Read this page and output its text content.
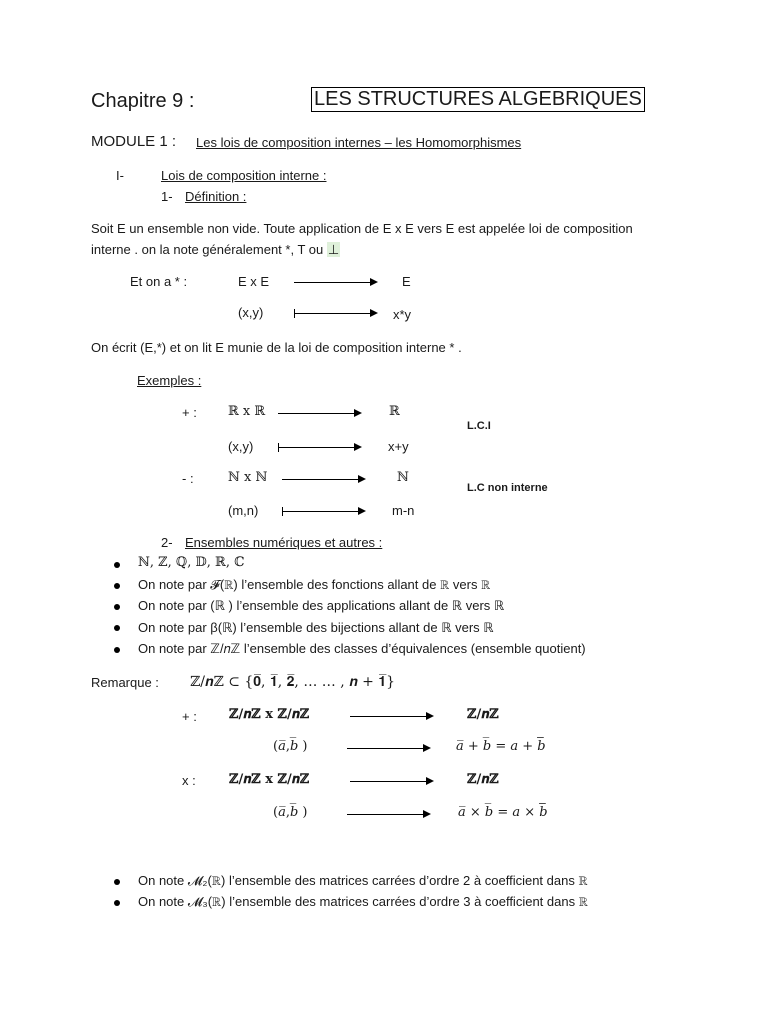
Chapitre 9 :	LES STRUCTURES ALGEBRIQUES
MODULE 1 : Les lois de composition internes – les Homomorphismes
I-	Lois de composition interne :
1- Définition :
Soit E un ensemble non vide. Toute application de E x E vers E est appelée loi de composition
interne . on la note généralement *, T ou ⊥
Et on a * :	E x E	E
(x,y)	x*y
On écrit (E,*) et on lit E munie de la loi de composition interne * .
Exemples :
+ : ℝ x ℝ	ℝ
L.C.I
(x,y)	x+y
- :	ℕ x ℕ	ℕ
L.C non interne
(m,n)	m-n
2- Ensembles numériques et autres :
ℕ, ℤ, ℚ, 𝔻, ℝ, ℂ
On note par 𝓕(ℝ) l’ensemble des fonctions allant de ℝ vers ℝ
On note par (ℝ ) l’ensemble des applications allant de ℝ vers ℝ
On note par β(ℝ) l’ensemble des bijections allant de ℝ vers ℝ
On note par ℤ/𝑛ℤ l’ensemble des classes d’équivalences (ensemble quotient)
Remarque : ℤ/𝒏ℤ ⊂ {𝟎̅, 𝟏̅, 𝟐̅, … … , 𝒏 + 𝟏̅̅̅̅̅̅̅}
+ : ℤ/𝒏ℤ x ℤ/𝒏ℤ	ℤ/𝒏ℤ
(𝑎̅,𝑏̅ )	𝑎̅ + 𝑏̅ = 𝑎 + 𝑏̅̅̅̅̅̅̅
x :	ℤ/𝒏ℤ x ℤ/𝒏ℤ	ℤ/𝒏ℤ
(𝑎̅,𝑏̅ )	𝑎̅ × 𝑏̅ = 𝑎 × 𝑏̅̅̅̅̅̅̅
On note 𝓜₂(ℝ) l’ensemble des matrices carrées d’ordre 2 à coefficient dans ℝ
On note 𝓜₃(ℝ) l’ensemble des matrices carrées d’ordre 3 à coefficient dans ℝ
